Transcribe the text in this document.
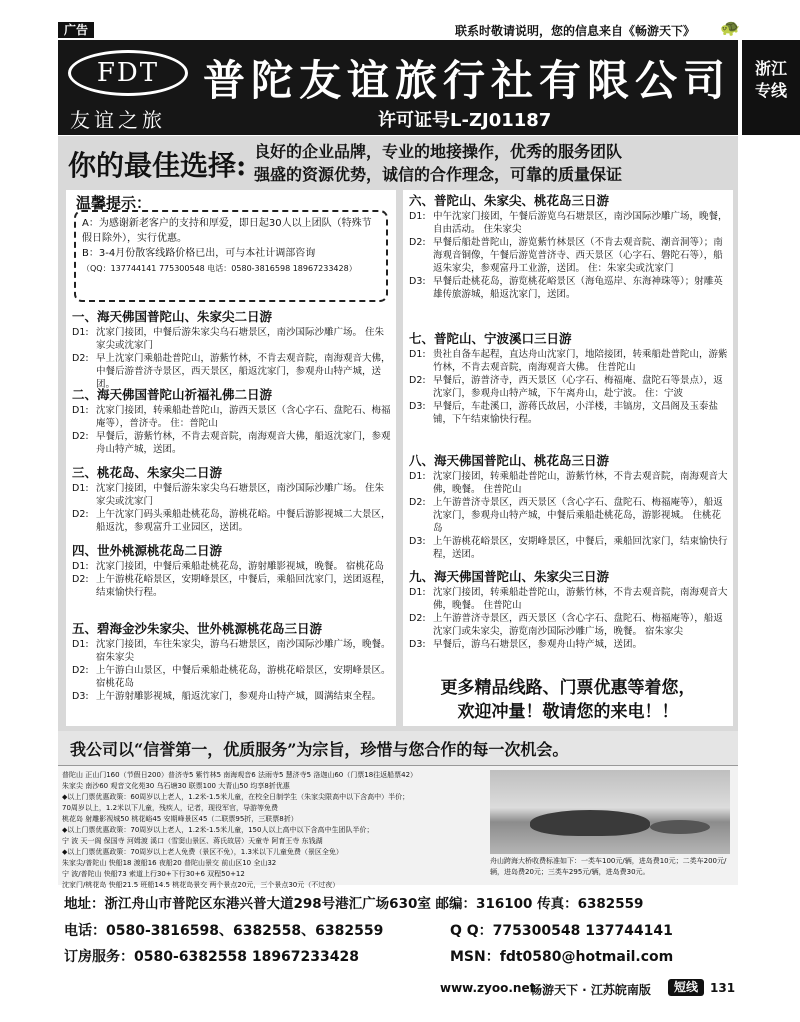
广告	联系时敬请说明，您的信息来自《畅游天下》 🐢
FDT
友谊之旅
普陀友谊旅行社有限公司
许可证号L-ZJ01187
浙江专线
你的最佳选择: 良好的企业品牌，专业的地接操作，优秀的服务团队
强盛的资源优势，诚信的合作理念，可靠的质量保证
温馨提示：
A：为感谢新老客户的支持和厚爱，即日起30人以上团队（特殊节假日除外），实行优惠。
B：3-4月份散客线路价格已出，可与本社计调部咨询
（QQ：137744141 775300548 电话：0580-3816598 18967233428）
一、海天佛国普陀山、朱家尖二日游
D1: 沈家门接团，中餐后游朱家尖乌石塘景区，南沙国际沙雕广场。 住朱家尖或沈家门
D2: 早上沈家门乘船赴普陀山，游紫竹林，不肯去观音院，南海观音大佛，中餐后游普济寺景区，西天景区，船返沈家门，参观舟山特产城，送团。
二、海天佛国普陀山祈福礼佛二日游
D1: 沈家门接团，转乘船赴普陀山，游西天景区（含心字石、盘陀石、梅福庵等），普济寺。 住：普陀山
D2: 早餐后，游紫竹林，不肯去观音院，南海观音大佛，船返沈家门，参观舟山特产城，送团。
三、桃花岛、朱家尖二日游
D1: 沈家门接团，中餐后游朱家尖乌石塘景区，南沙国际沙雕广场。 住朱家尖或沈家门
D2: 上午沈家门码头乘船赴桃花岛，游桃花峪。中餐后游影视城二大景区，船返沈，参观富升工业园区，送团。
四、世外桃源桃花岛二日游
D1: 沈家门接团，中餐后乘船赴桃花岛，游射雕影视城，晚餐。 宿桃花岛
D2: 上午游桃花峪景区，安期峰景区，中餐后，乘船回沈家门，送团返程，结束愉快行程。
五、碧海金沙朱家尖、世外桃源桃花岛三日游
D1: 沈家门接团，车往朱家尖，游乌石塘景区，南沙国际沙雕广场，晚餐。 宿朱家尖
D2: 上午游白山景区，中餐后乘船赴桃花岛，游桃花峪景区，安期峰景区。 宿桃花岛
D3: 上午游射雕影视城，船返沈家门，参观舟山特产城，圆满结束全程。
六、普陀山、朱家尖、桃花岛三日游
D1: 中午沈家门接团，午餐后游览乌石塘景区，南沙国际沙雕广场，晚餐，自由活动。 住朱家尖
D2: 早餐后船赴普陀山，游览紫竹林景区（不肯去观音院、潮音洞等）；南海观音铜像，午餐后游览普济寺、西天景区（心字石、磐陀石等），船返朱家尖，参观富丹工业游，送团。 住：朱家尖或沈家门
D3: 早餐后赴桃花岛，游览桃花峪景区（海龟巡岸、东海神珠等）；射雕英雄传旅游城，船返沈家门，送团。
七、普陀山、宁波溪口三日游
D1: 贵社自备车起程，直达舟山沈家门，地陪接团，转乘船赴普陀山，游紫竹林，不肯去观音院，南海观音大佛。 住普陀山
D2: 早餐后，游普济寺，西天景区（心字石、梅福庵、盘陀石等景点），返沈家门，参观舟山特产城，下午离舟山，赴宁波。 住：宁波
D3: 早餐后，车赴溪口，游蒋氏故居，小洋楼，丰镐房，文昌阁及玉泰盐铺，下午结束愉快行程。
八、海天佛国普陀山、桃花岛三日游
D1: 沈家门接团，转乘船赴普陀山，游紫竹林，不肯去观音院，南海观音大佛，晚餐。 住普陀山
D2: 上午游普济寺景区，西天景区（含心字石、盘陀石、梅福庵等），船返沈家门，参观舟山特产城，中餐后乘船赴桃花岛，游影视城。 住桃花岛
D3: 上午游桃花峪景区，安期峰景区，中餐后，乘船回沈家门，结束愉快行程，送团。
九、海天佛国普陀山、朱家尖三日游
D1: 沈家门接团，转乘船赴普陀山，游紫竹林，不肯去观音院，南海观音大佛，晚餐。 住普陀山
D2: 上午游普济寺景区，西天景区（含心字石、盘陀石、梅福庵等），船返沈家门或朱家尖，游览南沙国际沙雕广场，晚餐。 宿朱家尖
D3: 早餐后，游乌石塘景区，参观舟山特产城，送团。
更多精品线路、门票优惠等着您，
欢迎冲量！敬请您的来电！！
我公司以“信誉第一，优质服务”为宗旨，珍惜与您合作的每一次机会。
普陀山 正山门160（节假日200）普济寺5 紫竹林5 南海观音6 法雨寺5 慧济寺5 洛迦山60（门票18往返船票42）
朱家尖 南沙60 观音文化苑30 乌石塘30 联票100 大青山50 均享8折优惠
◆以上门票优惠政策：60周岁以上老人，1.2米-1.5米儿童，在校全日制学生（朱家尖限高中以下含高中）半价；
70周岁以上，1.2米以下儿童，残疾人，记者，现役军官，导游等免费
桃花岛 射雕影视城50 桃花峪45 安期峰景区45（二联票95折，三联票8折）
◆以上门票优惠政策：70周岁以上老人，1.2米-1.5米儿童，150人以上高中以下含高中生团队半价；
宁 波 天一阁 保国寺 河姆渡 溪口（雪窦山景区、蒋氏故居）天童寺 阿育王寺 东钱湖
◆以上门票优惠政策：70周岁以上老人免费（景区不免），1.3米以下儿童免费（景区全免）
朱家尖/普陀山 快船18 渡船16 夜船20 普陀山景交 前山区10 全山32
宁 波/普陀山 快船73 索道上行30+下行30+6 双程50+12
沈家门/桃花岛 快船21.5 班船14.5 桃花岛景交 两个景点20元，三个景点30元（不过夜）
舟山跨海大桥收费标准如下：一类车100元/辆，进岛费10元；二类车200元/辆，进岛费20元；三类车295元/辆，进岛费30元。
地址：浙江舟山市普陀区东港兴普大道298号港汇广场630室 邮编：316100 传真：6382559
电话：0580-3816598、6382558、6382559	Q Q：775300548 137744141
订房服务：0580-6382558 18967233428	MSN：fdt0580@hotmail.com
www.zyoo.net
畅游天下 · 江苏皖南版	短线	131
